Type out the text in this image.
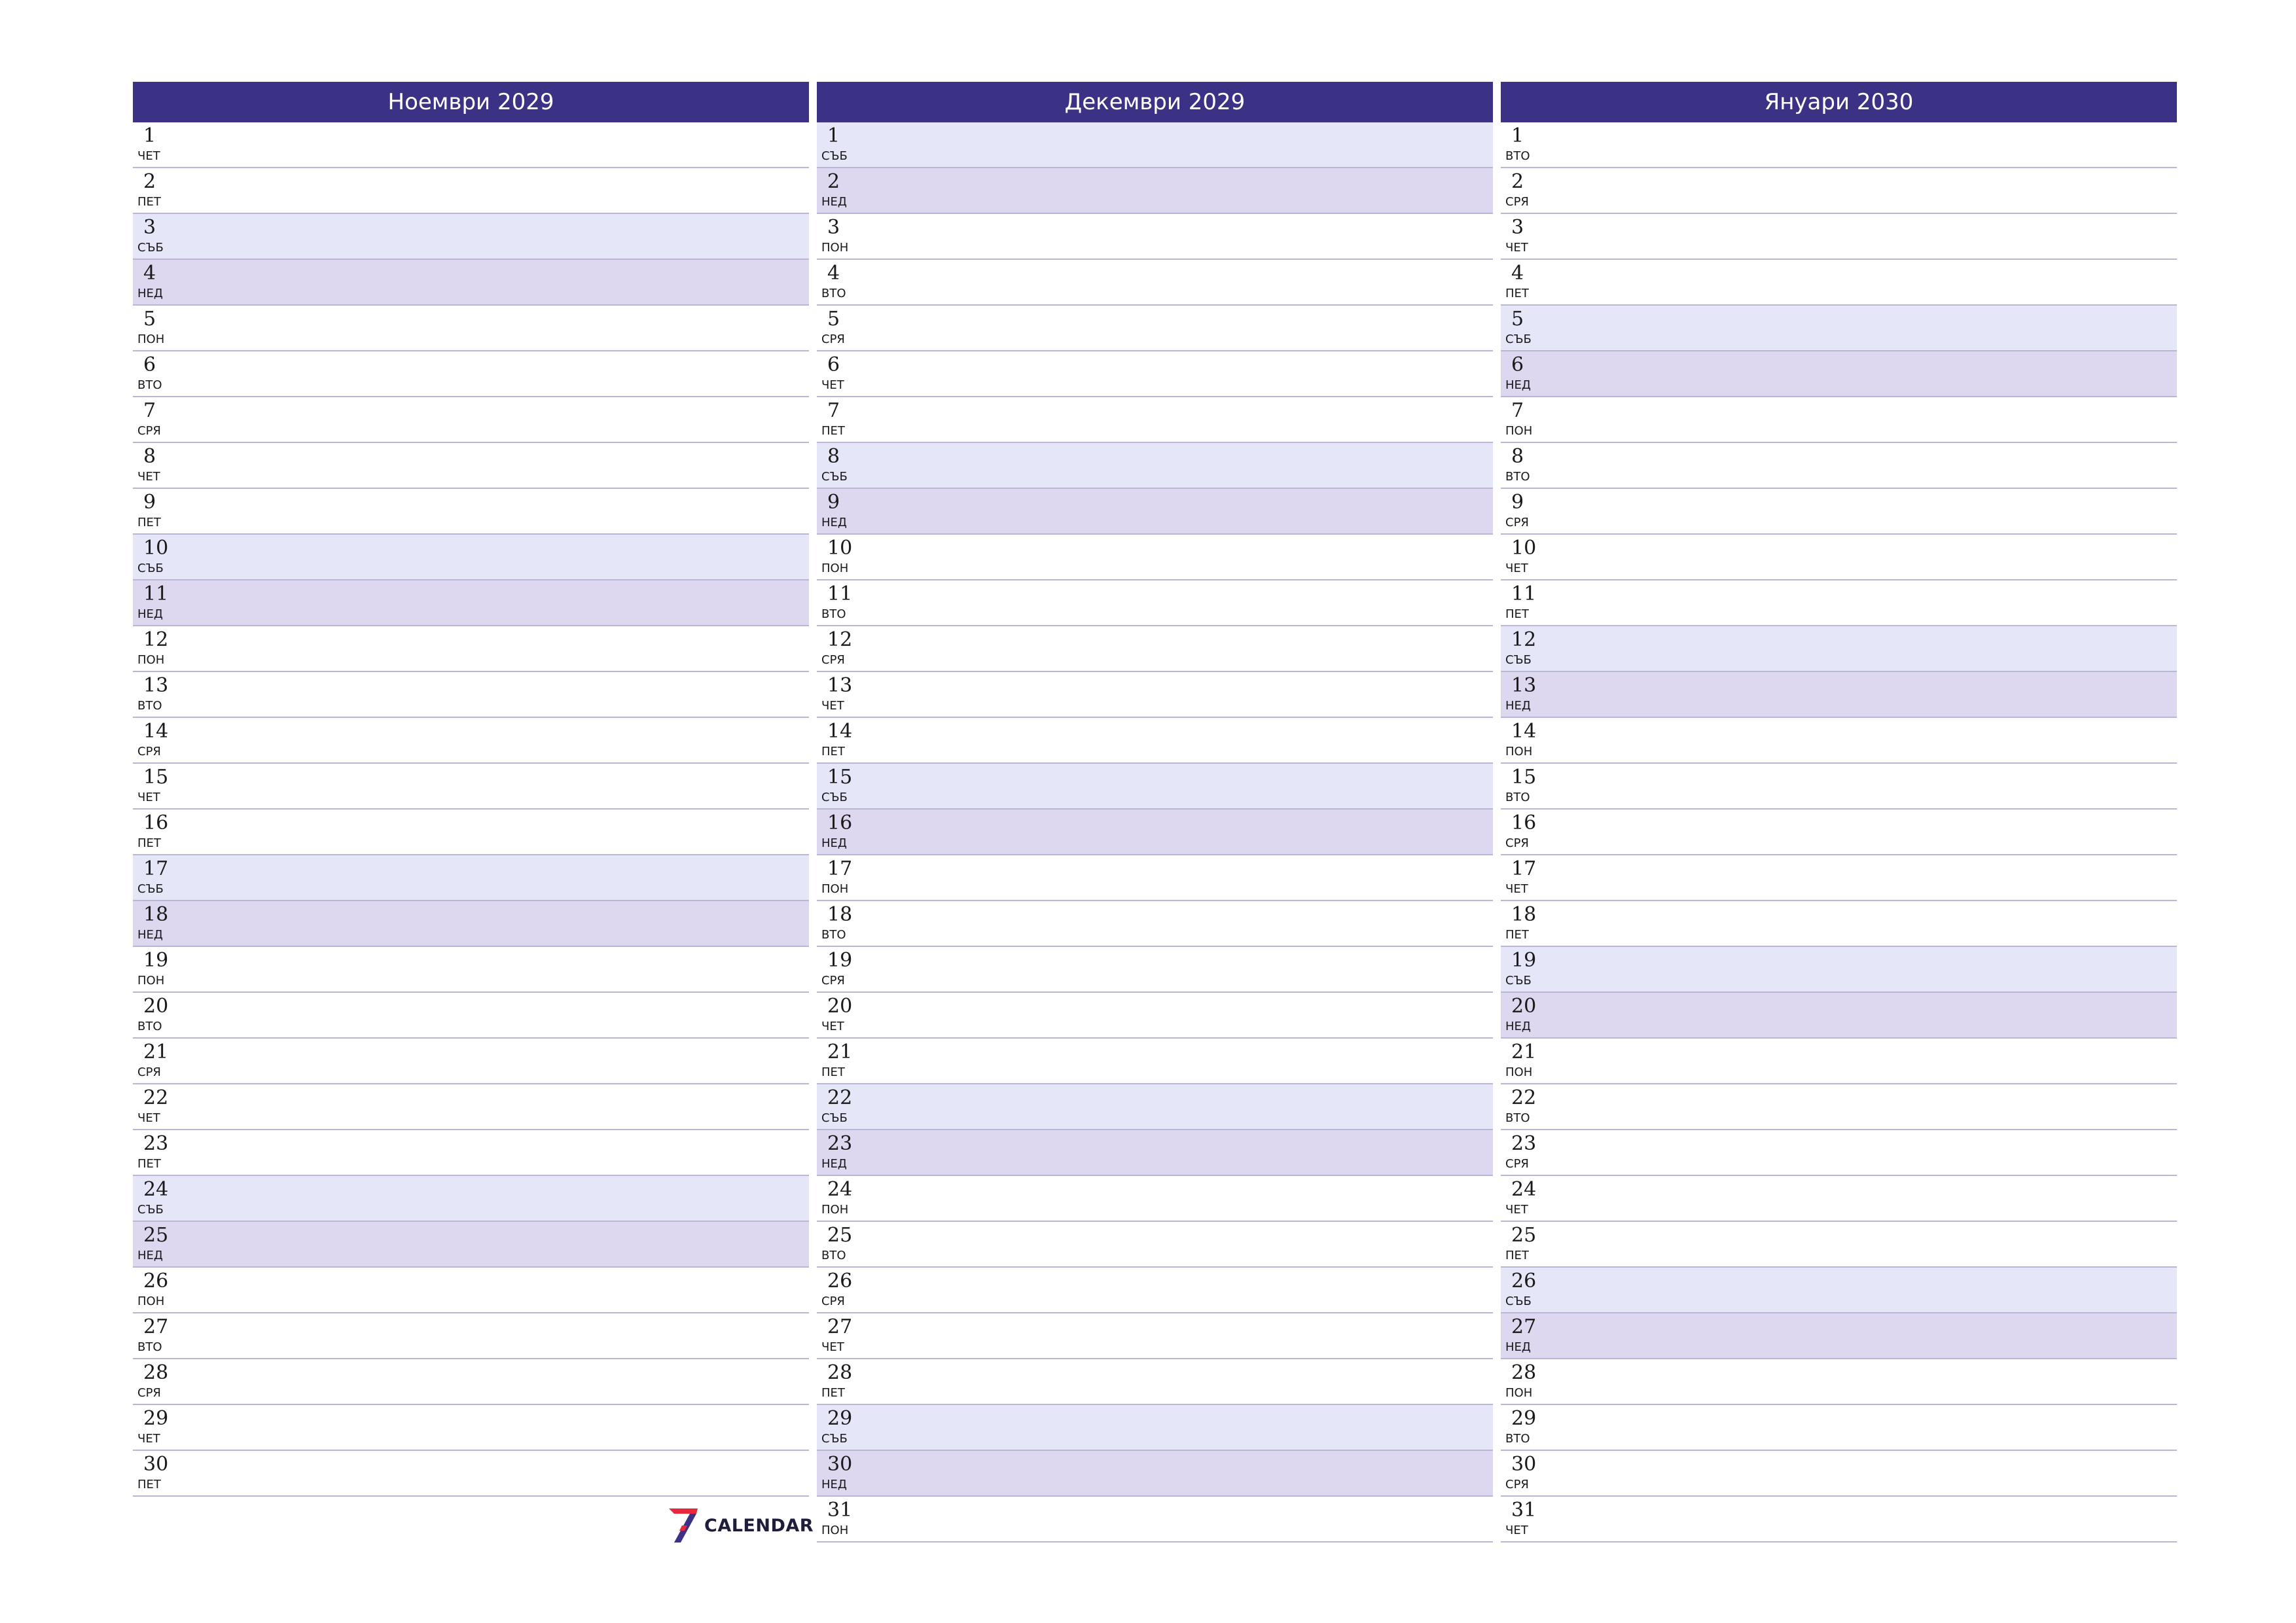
Ноември 2029
1
ЧЕТ
2
ПЕТ
3
СЪБ
4
НЕД
5
ПОН
6
ВТО
7
СРЯ
8
ЧЕТ
9
ПЕТ
10
СЪБ
11
НЕД
12
ПОН
13
ВТО
14
СРЯ
15
ЧЕТ
16
ПЕТ
17
СЪБ
18
НЕД
19
ПОН
20
ВТО
21
СРЯ
22
ЧЕТ
23
ПЕТ
24
СЪБ
25
НЕД
26
ПОН
27
ВТО
28
СРЯ
29
ЧЕТ
30
ПЕТ
Декември 2029
1
СЪБ
2
НЕД
3
ПОН
4
ВТО
5
СРЯ
6
ЧЕТ
7
ПЕТ
8
СЪБ
9
НЕД
10
ПОН
11
ВТО
12
СРЯ
13
ЧЕТ
14
ПЕТ
15
СЪБ
16
НЕД
17
ПОН
18
ВТО
19
СРЯ
20
ЧЕТ
21
ПЕТ
22
СЪБ
23
НЕД
24
ПОН
25
ВТО
26
СРЯ
27
ЧЕТ
28
ПЕТ
29
СЪБ
30
НЕД
31
ПОН
Януари 2030
1
ВТО
2
СРЯ
3
ЧЕТ
4
ПЕТ
5
СЪБ
6
НЕД
7
ПОН
8
ВТО
9
СРЯ
10
ЧЕТ
11
ПЕТ
12
СЪБ
13
НЕД
14
ПОН
15
ВТО
16
СРЯ
17
ЧЕТ
18
ПЕТ
19
СЪБ
20
НЕД
21
ПОН
22
ВТО
23
СРЯ
24
ЧЕТ
25
ПЕТ
26
СЪБ
27
НЕД
28
ПОН
29
ВТО
30
СРЯ
31
ЧЕТ
CALENDAR
